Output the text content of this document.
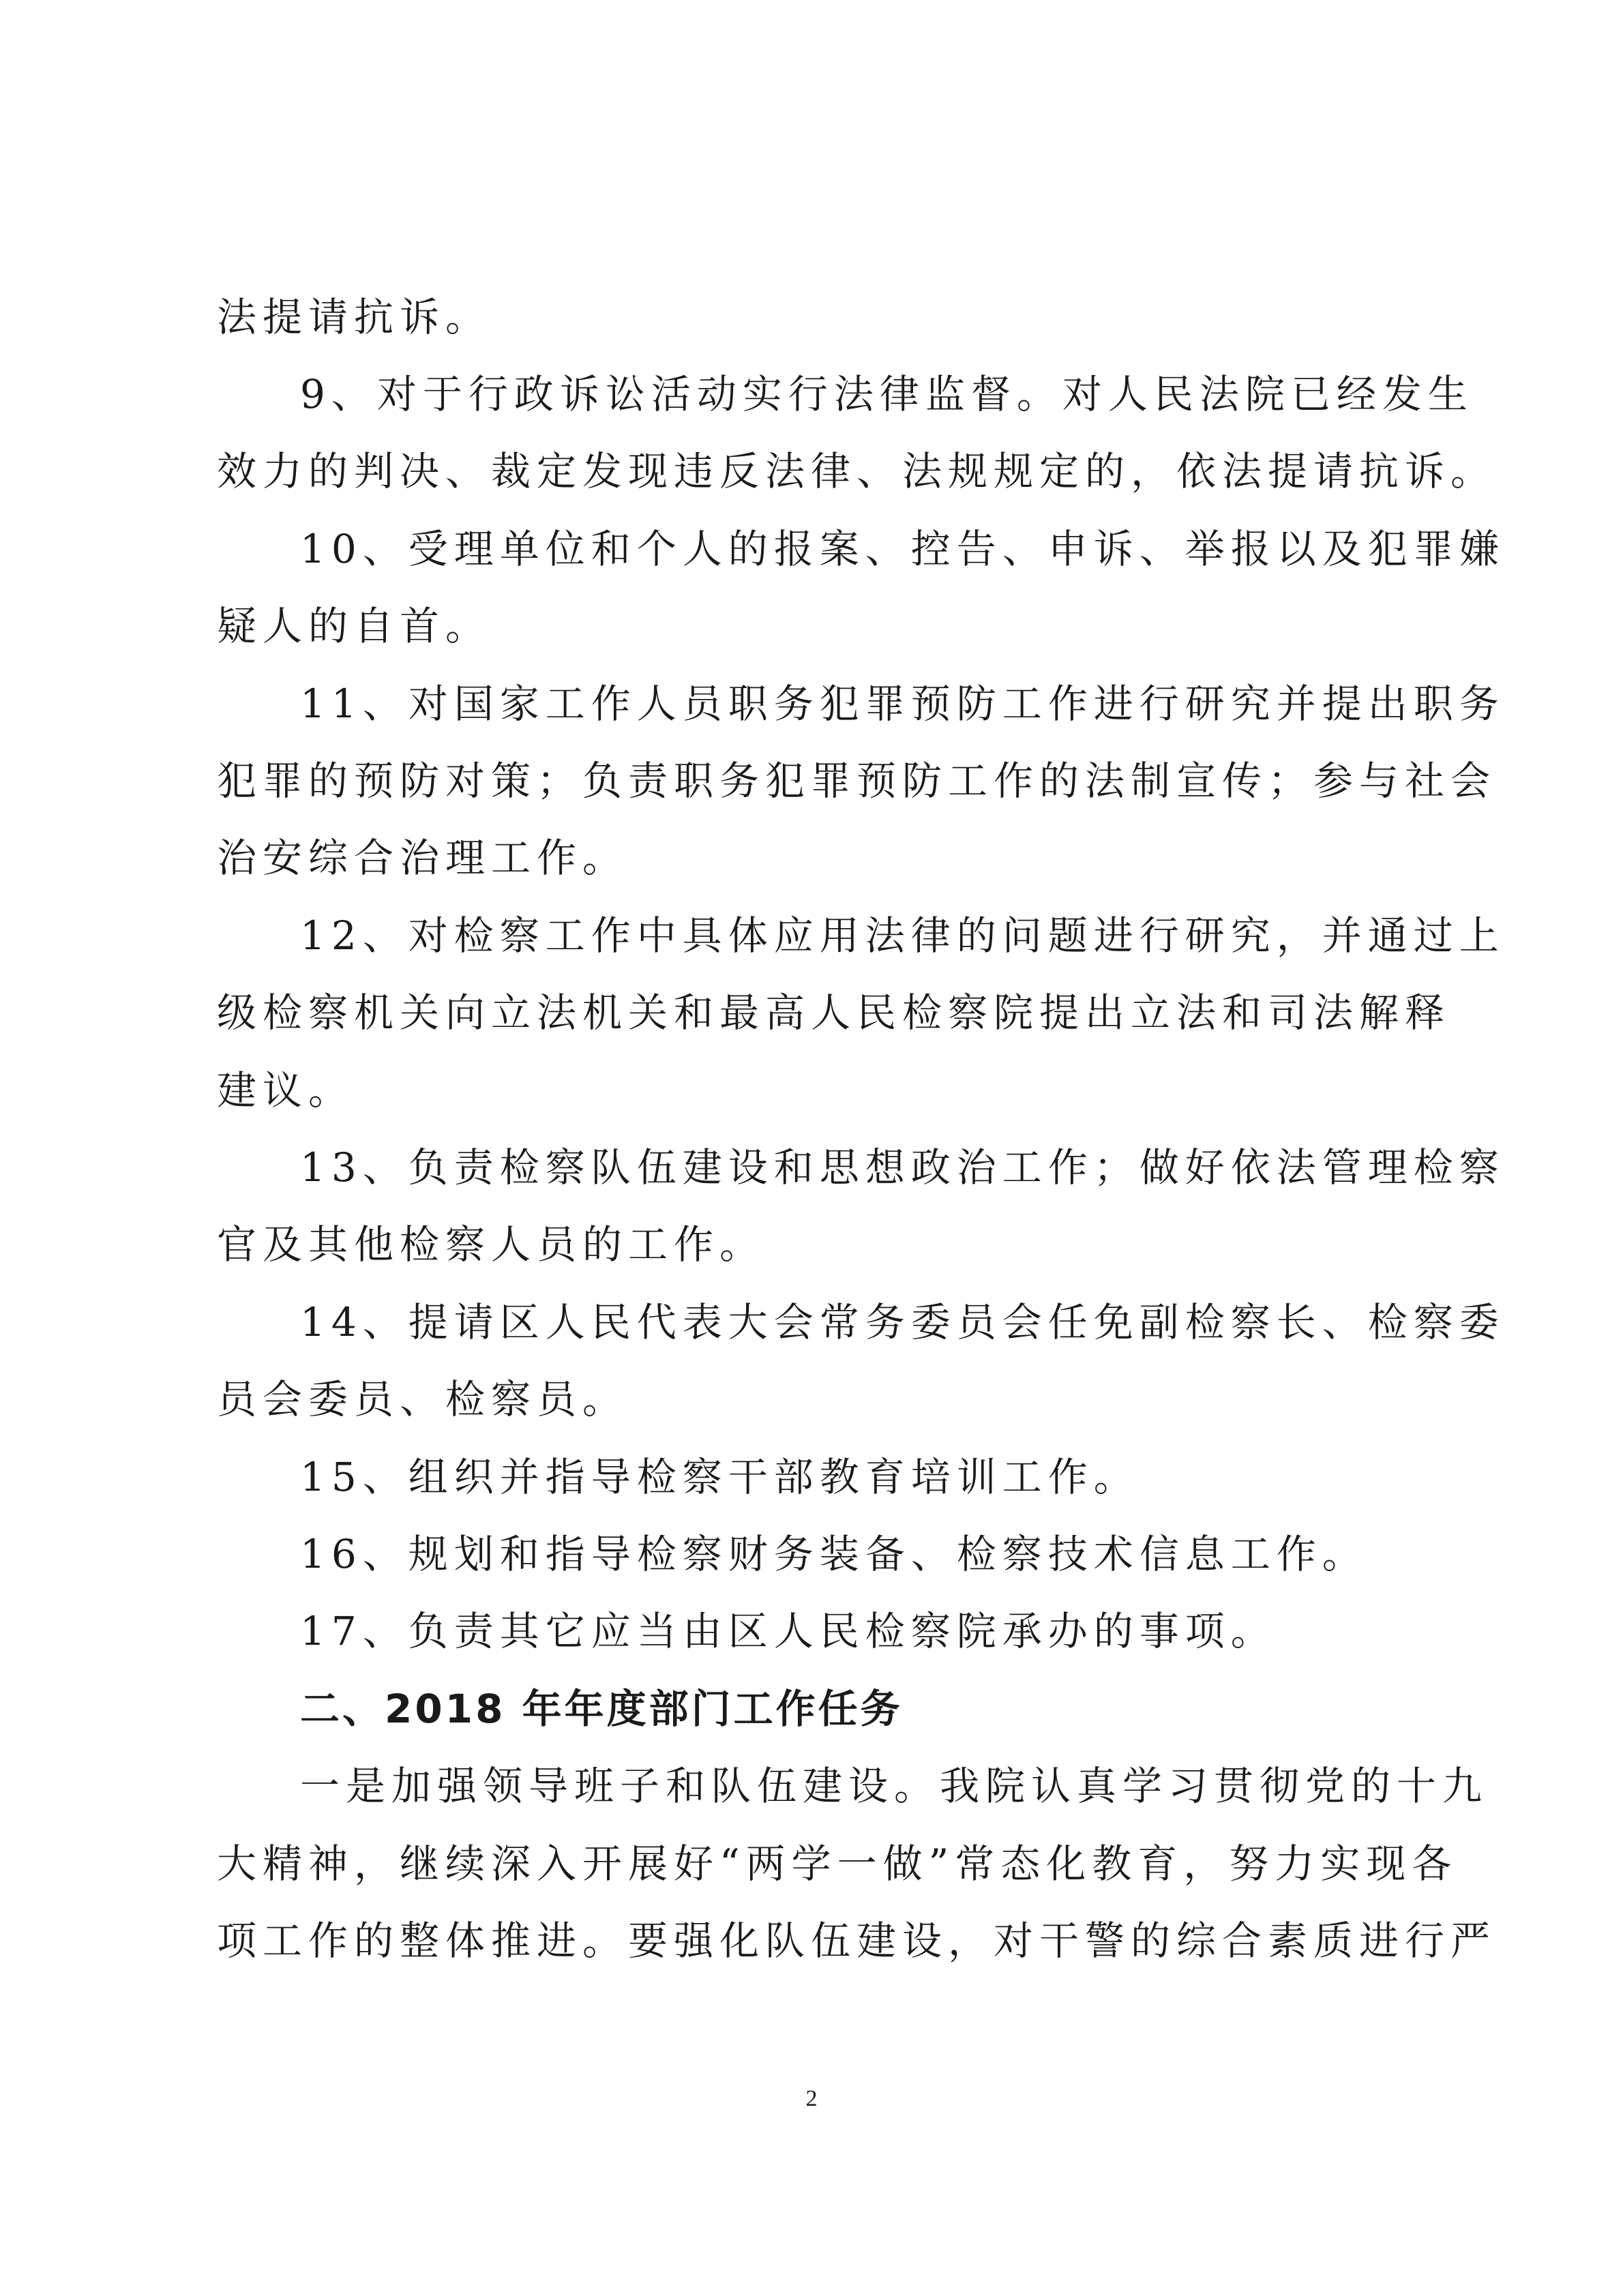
法提请抗诉。
9、对于行政诉讼活动实行法律监督。对人民法院已经发生
效力的判决、裁定发现违反法律、法规规定的，依法提请抗诉。
10、受理单位和个人的报案、控告、申诉、举报以及犯罪嫌
疑人的自首。
11、对国家工作人员职务犯罪预防工作进行研究并提出职务
犯罪的预防对策；负责职务犯罪预防工作的法制宣传；参与社会
治安综合治理工作。
12、对检察工作中具体应用法律的问题进行研究，并通过上
级检察机关向立法机关和最高人民检察院提出立法和司法解释
建议。
13、负责检察队伍建设和思想政治工作；做好依法管理检察
官及其他检察人员的工作。
14、提请区人民代表大会常务委员会任免副检察长、检察委
员会委员、检察员。
15、组织并指导检察干部教育培训工作。
16、规划和指导检察财务装备、检察技术信息工作。
17、负责其它应当由区人民检察院承办的事项。
二、2018 年年度部门工作任务
一是加强领导班子和队伍建设。我院认真学习贯彻党的十九
大精神，继续深入开展好“两学一做”常态化教育，努力实现各
项工作的整体推进。要强化队伍建设，对干警的综合素质进行严
2
